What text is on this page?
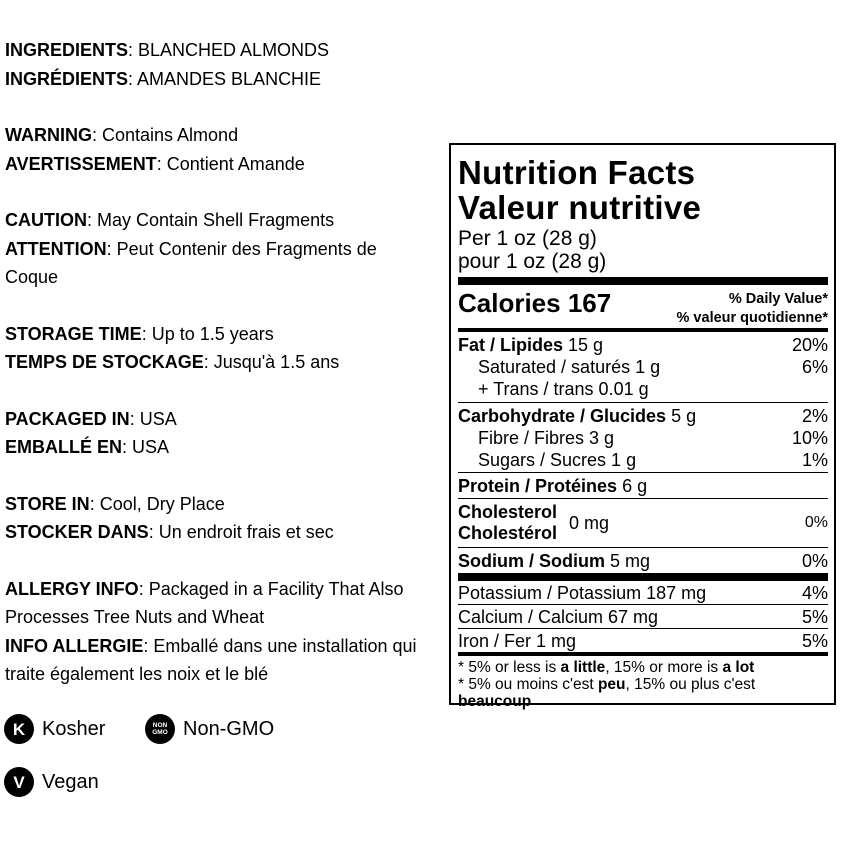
INGREDIENTS: BLANCHED ALMONDS
INGRÉDIENTS: AMANDES BLANCHIE
WARNING: Contains Almond
AVERTISSEMENT: Contient Amande
CAUTION: May Contain Shell Fragments
ATTENTION: Peut Contenir des Fragments de Coque
STORAGE TIME: Up to 1.5 years
TEMPS DE STOCKAGE: Jusqu'à 1.5 ans
PACKAGED IN: USA
EMBALLÉ EN: USA
STORE IN: Cool, Dry Place
STOCKER DANS: Un endroit frais et sec
ALLERGY INFO: Packaged in a Facility That Also Processes Tree Nuts and Wheat
INFO ALLERGIE: Emballé dans une installation qui traite également les noix et le blé
K Kosher	NON
GMO Non-GMO
V Vegan
Nutrition Facts
Valeur nutritive
Per 1 oz (28 g)
pour 1 oz (28 g)
Calories 167	% Daily Value*
% valeur quotidienne*
Fat / Lipides 15 g	20%
Saturated / saturés 1 g	6%
+ Trans / trans 0.01 g
Carbohydrate / Glucides 5 g	2%
Fibre / Fibres 3 g	10%
Sugars / Sucres 1 g	1%
Protein / Protéines 6 g
Cholesterol
Cholestérol
0 mg	0%
Sodium / Sodium 5 mg	0%
Potassium / Potassium 187 mg	4%
Calcium / Calcium 67 mg	5%
Iron / Fer 1 mg	5%
* 5% or less is a little, 15% or more is a lot
* 5% ou moins c'est peu, 15% ou plus c'est beaucoup
